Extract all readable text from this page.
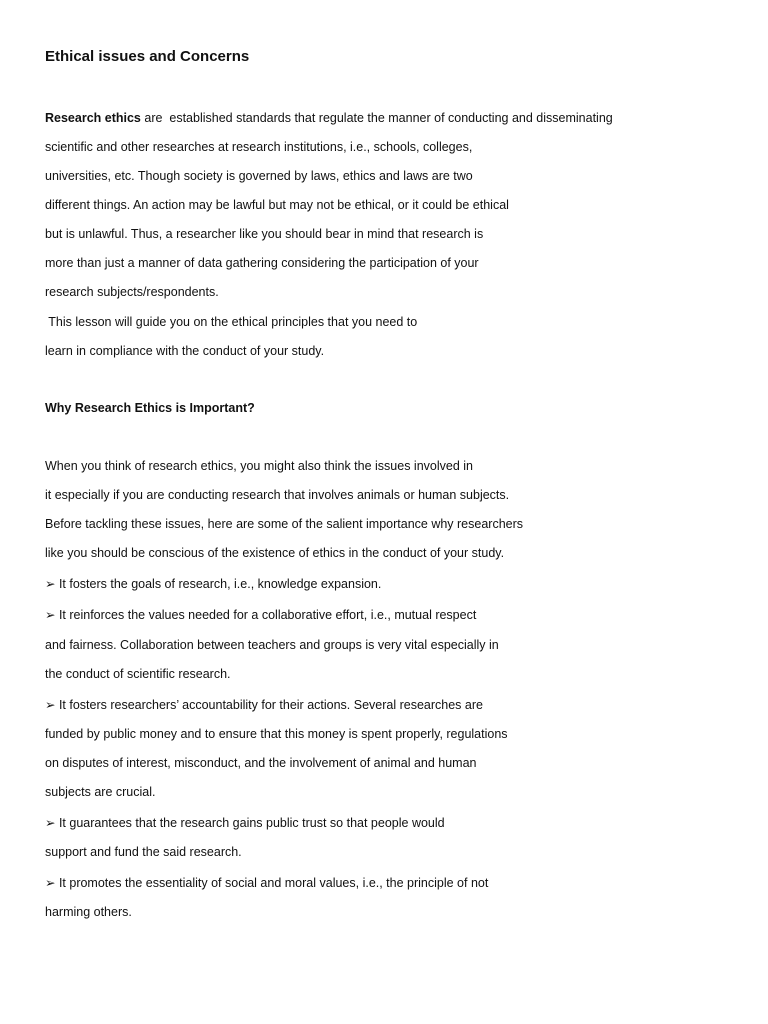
Ethical issues and Concerns

Research ethics are  established standards that regulate the manner of conducting and disseminating

scientific and other researches at research institutions, i.e., schools, colleges,

universities, etc. Though society is governed by laws, ethics and laws are two

different things. An action may be lawful but may not be ethical, or it could be ethical

but is unlawful. Thus, a researcher like you should bear in mind that research is

more than just a manner of data gathering considering the participation of your

research subjects/respondents.

This lesson will guide you on the ethical principles that you need to

learn in compliance with the conduct of your study.

Why Research Ethics is Important?

When you think of research ethics, you might also think the issues involved in

it especially if you are conducting research that involves animals or human subjects.

Before tackling these issues, here are some of the salient importance why researchers

like you should be conscious of the existence of ethics in the conduct of your study.

➢ It fosters the goals of research, i.e., knowledge expansion.

➢ It reinforces the values needed for a collaborative effort, i.e., mutual respect

and fairness. Collaboration between teachers and groups is very vital especially in

the conduct of scientific research.

➢ It fosters researchers’ accountability for their actions. Several researches are

funded by public money and to ensure that this money is spent properly, regulations

on disputes of interest, misconduct, and the involvement of animal and human

subjects are crucial.

➢ It guarantees that the research gains public trust so that people would

support and fund the said research.

➢ It promotes the essentiality of social and moral values, i.e., the principle of not

harming others.
